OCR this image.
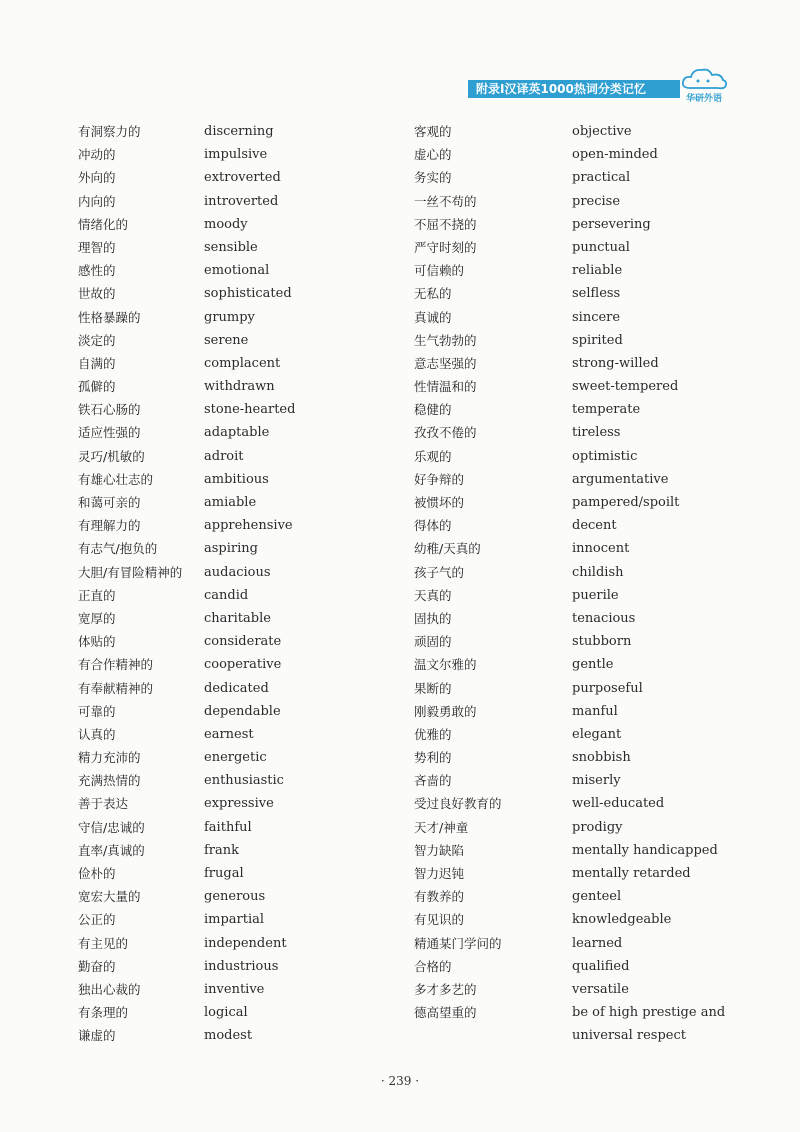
附录Ⅰ汉译英1000热词分类记忆
华研外语
有洞察力的
冲动的
外向的
内向的
情绪化的
理智的
感性的
世故的
性格暴躁的
淡定的
自满的
孤僻的
铁石心肠的
适应性强的
灵巧/机敏的
有雄心壮志的
和蔼可亲的
有理解力的
有志气/抱负的
大胆/有冒险精神的
正直的
宽厚的
体贴的
有合作精神的
有奉献精神的
可靠的
认真的
精力充沛的
充满热情的
善于表达
守信/忠诚的
直率/真诚的
俭朴的
宽宏大量的
公正的
有主见的
勤奋的
独出心裁的
有条理的
谦虚的
discerning
impulsive
extroverted
introverted
moody
sensible
emotional
sophisticated
grumpy
serene
complacent
withdrawn
stone-hearted
adaptable
adroit
ambitious
amiable
apprehensive
aspiring
audacious
candid
charitable
considerate
cooperative
dedicated
dependable
earnest
energetic
enthusiastic
expressive
faithful
frank
frugal
generous
impartial
independent
industrious
inventive
logical
modest
客观的
虚心的
务实的
一丝不苟的
不屈不挠的
严守时刻的
可信赖的
无私的
真诚的
生气勃勃的
意志坚强的
性情温和的
稳健的
孜孜不倦的
乐观的
好争辩的
被惯坏的
得体的
幼稚/天真的
孩子气的
天真的
固执的
顽固的
温文尔雅的
果断的
刚毅勇敢的
优雅的
势利的
吝啬的
受过良好教育的
天才/神童
智力缺陷
智力迟钝
有教养的
有见识的
精通某门学问的
合格的
多才多艺的
德高望重的
objective
open-minded
practical
precise
persevering
punctual
reliable
selfless
sincere
spirited
strong-willed
sweet-tempered
temperate
tireless
optimistic
argumentative
pampered/spoilt
decent
innocent
childish
puerile
tenacious
stubborn
gentle
purposeful
manful
elegant
snobbish
miserly
well-educated
prodigy
mentally handicapped
mentally retarded
genteel
knowledgeable
learned
qualified
versatile
be of high prestige and
universal respect
· 239 ·
